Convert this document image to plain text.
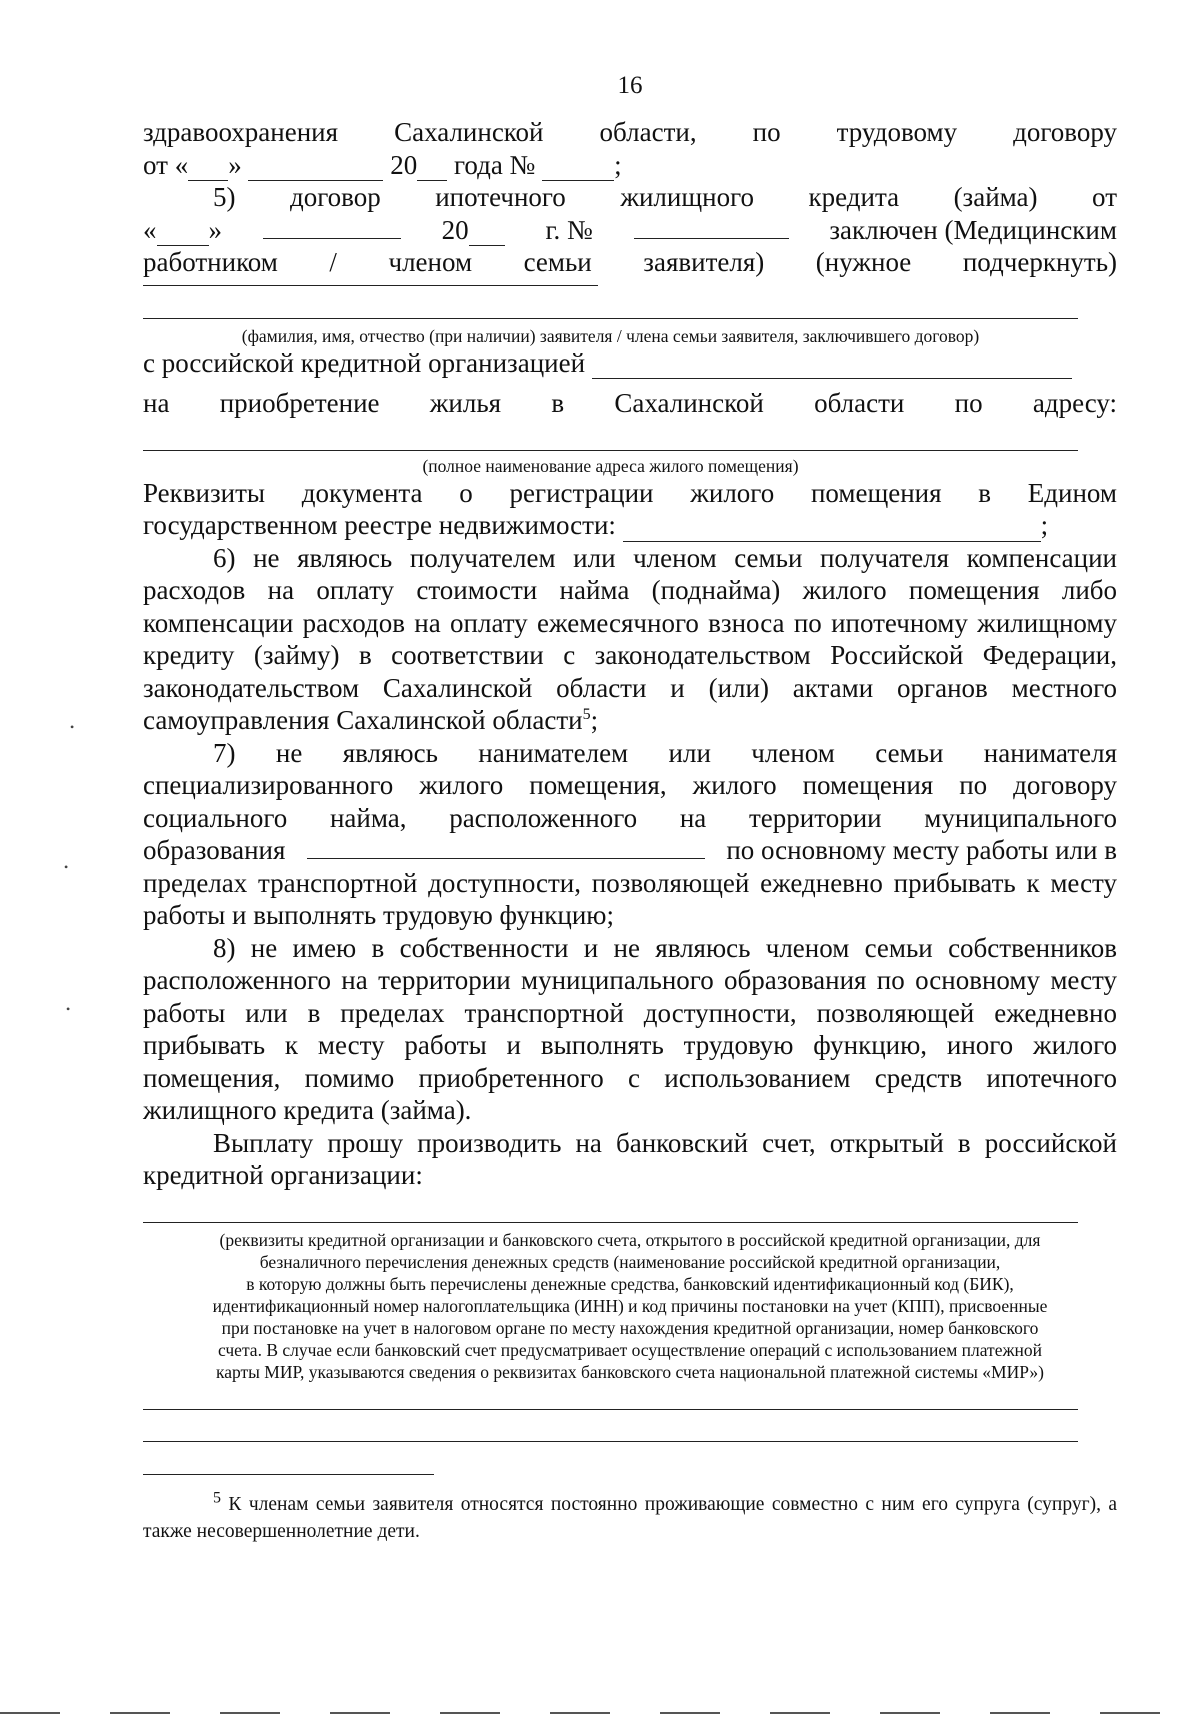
16
здравоохранения Сахалинской области, по трудовому договору
от « »	20 года №	;
5) договор ипотечного жилищного кредита (займа) от
« »	20	г. №	заключен (Медицинским
работником / членом семьи заявителя) (нужное подчеркнуть)
(фамилия, имя, отчество (при наличии) заявителя / члена семьи заявителя, заключившего договор)
с российской кредитной организацией
на приобретение жилья в Сахалинской области по адресу:
(полное наименование адреса жилого помещения)
Реквизиты документа о регистрации жилого помещения в Едином
государственном реестре недвижимости:	;
6) не являюсь получателем или членом семьи получателя компенсации расходов на оплату стоимости найма (поднайма) жилого помещения либо компенсации расходов на оплату ежемесячного взноса по ипотечному жилищному кредиту (займу) в соответствии с законодательством Российской Федерации, законодательством Сахалинской области и (или) актами органов местного самоуправления Сахалинской области$^5$;
7) не являюсь нанимателем или членом семьи нанимателя
специализированного жилого помещения, жилого помещения по договору
социального найма, расположенного на территории муниципального
образования	по основному месту работы или в
пределах транспортной доступности, позволяющей ежедневно прибывать к месту работы и выполнять трудовую функцию;
8) не имею в собственности и не являюсь членом семьи собственников расположенного на территории муниципального образования по основному месту работы или в пределах транспортной доступности, позволяющей ежедневно прибывать к месту работы и выполнять трудовую функцию, иного жилого помещения, помимо приобретенного с использованием средств ипотечного жилищного кредита (займа).
Выплату прошу производить на банковский счет, открытый в российской кредитной организации:
(реквизиты кредитной организации и банковского счета, открытого в российской кредитной организации, для
безналичного перечисления денежных средств (наименование российской кредитной организации,
в которую должны быть перечислены денежные средства, банковский идентификационный код (БИК),
идентификационный номер налогоплательщика (ИНН) и код причины постановки на учет (КПП), присвоенные
при постановке на учет в налоговом органе по месту нахождения кредитной организации, номер банковского
счета. В случае если банковский счет предусматривает осуществление операций с использованием платежной
карты МИР, указываются сведения о реквизитах банковского счета национальной платежной системы «МИР»)
$^5$ К членам семьи заявителя относятся постоянно проживающие совместно с ним его супруга (супруг), а также несовершеннолетние дети.
•
•
•
